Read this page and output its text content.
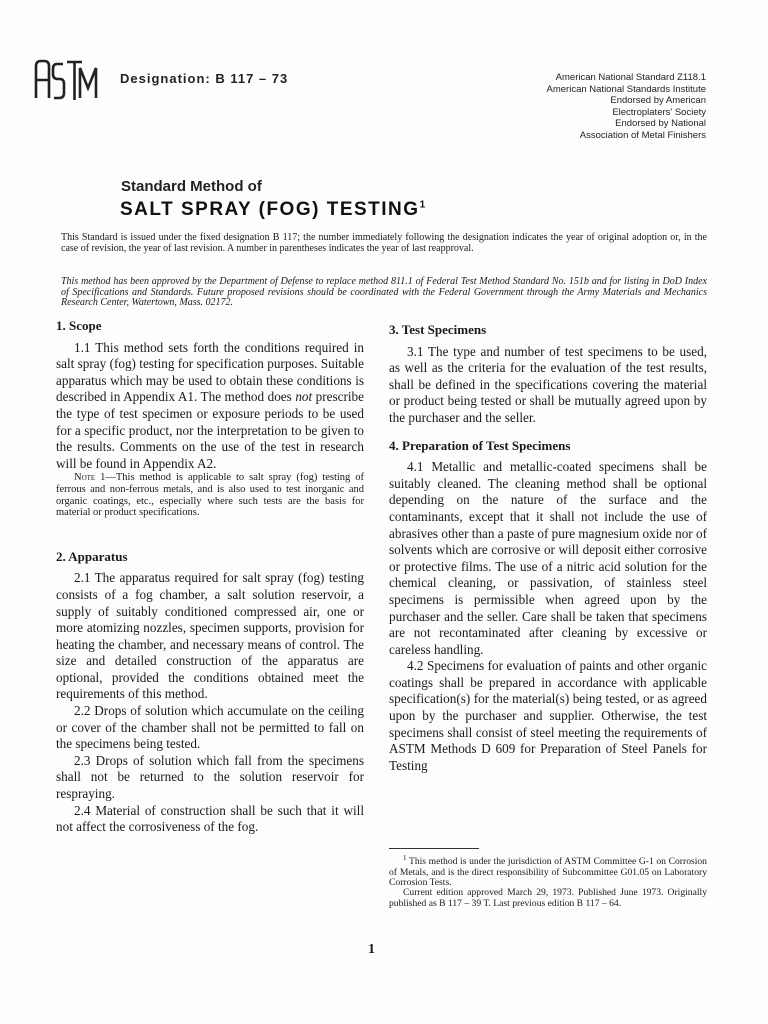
Designation: B 117 – 73	American National Standard Z118.1
American National Standards Institute
Endorsed by American
Electroplaters' Society
Endorsed by National
Association of Metal Finishers
Standard Method of
SALT SPRAY (FOG) TESTING$^1$
This Standard is issued under the fixed designation B 117; the number immediately following the designation indicates the year of original adoption or, in the case of revision, the year of last revision. A number in parentheses indicates the year of last reapproval.
This method has been approved by the Department of Defense to replace method 811.1 of Federal Test Method Standard No. 151b and for listing in DoD Index of Specifications and Standards. Future proposed revisions should be coordinated with the Federal Government through the Army Materials and Mechanics Research Center, Watertown, Mass. 02172.
1. Scope

1.1 This method sets forth the conditions required in salt spray (fog) testing for specification purposes. Suitable apparatus which may be used to obtain these conditions is described in Appendix A1. The method does not prescribe the type of test specimen or exposure periods to be used for a specific product, nor the interpretation to be given to the results. Comments on the use of the test in research will be found in Appendix A2.

Note 1—This method is applicable to salt spray (fog) testing of ferrous and non-ferrous metals, and is also used to test inorganic and organic coatings, etc., especially where such tests are the basis for material or product specifications.

2. Apparatus

2.1 The apparatus required for salt spray (fog) testing consists of a fog chamber, a salt solution reservoir, a supply of suitably conditioned compressed air, one or more atomizing nozzles, specimen supports, provision for heating the chamber, and necessary means of control. The size and detailed construction of the apparatus are optional, provided the conditions obtained meet the requirements of this method.

2.2 Drops of solution which accumulate on the ceiling or cover of the chamber shall not be permitted to fall on the specimens being tested.

2.3 Drops of solution which fall from the specimens shall not be returned to the solution reservoir for respraying.

2.4 Material of construction shall be such that it will not affect the corrosiveness of the fog.

3. Test Specimens

3.1 The type and number of test specimens to be used, as well as the criteria for the evaluation of the test results, shall be defined in the specifications covering the material or product being tested or shall be mutually agreed upon by the purchaser and the seller.

4. Preparation of Test Specimens

4.1 Metallic and metallic-coated specimens shall be suitably cleaned. The cleaning method shall be optional depending on the nature of the surface and the contaminants, except that it shall not include the use of abrasives other than a paste of pure magnesium oxide nor of solvents which are corrosive or will deposit either corrosive or protective films. The use of a nitric acid solution for the chemical cleaning, or passivation, of stainless steel specimens is permissible when agreed upon by the purchaser and the seller. Care shall be taken that specimens are not recontaminated after cleaning by excessive or careless handling.

4.2 Specimens for evaluation of paints and other organic coatings shall be prepared in accordance with applicable specification(s) for the material(s) being tested, or as agreed upon by the purchaser and supplier. Otherwise, the test specimens shall consist of steel meeting the requirements of ASTM Methods D 609 for Preparation of Steel Panels for Testing

$^1$ This method is under the jurisdiction of ASTM Committee G-1 on Corrosion of Metals, and is the direct responsibility of Subcommittee G01.05 on Laboratory Corrosion Tests.

Current edition approved March 29, 1973. Published June 1973. Originally published as B 117 – 39 T. Last previous edition B 117 – 64.

1
